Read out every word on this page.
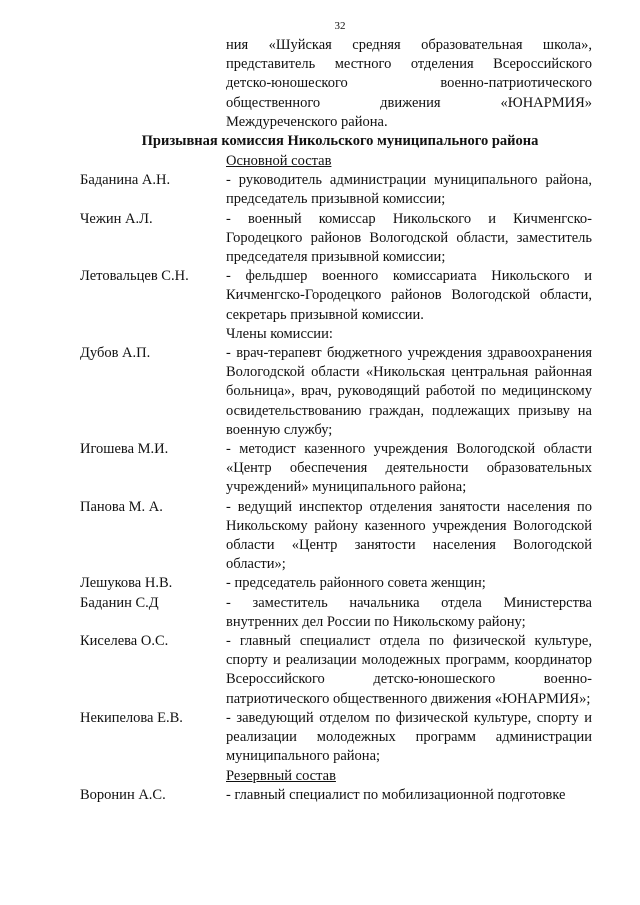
32
ния «Шуйская средняя образовательная школа», представитель местного отделения Всероссийского детско-юношеского военно-патриотического общественного движения «ЮНАРМИЯ» Междуреченского района.
Призывная комиссия Никольского муниципального района
Основной состав
Баданина А.Н.	- руководитель администрации муниципального района, председатель призывной комиссии;
Чежин А.Л.	- военный комиссар Никольского и Кичменгско-Городецкого районов Вологодской области, заместитель председателя призывной комиссии;
Летовальцев С.Н.	- фельдшер военного комиссариата Никольского и Кичменгско-Городецкого районов Вологодской области, секретарь призывной комиссии.
Члены комиссии:
Дубов А.П.	- врач-терапевт бюджетного учреждения здравоохранения Вологодской области «Никольская центральная районная больница», врач, руководящий работой по медицинскому освидетельствованию граждан, подлежащих призыву на военную службу;
Игошева М.И.	- методист казенного учреждения Вологодской области «Центр обеспечения деятельности образовательных учреждений» муниципального района;
Панова М. А.	- ведущий инспектор отделения занятости населения по Никольскому району казенного учреждения Вологодской области «Центр занятости населения Вологодской области»;
Лешукова Н.В.	- председатель районного совета женщин;
Баданин С.Д	- заместитель начальника отдела Министерства внутренних дел России по Никольскому району;
Киселева О.С.	- главный специалист отдела по физической культуре, спорту и реализации молодежных программ, координатор Всероссийского детско-юношеского военно-патриотического общественного движения «ЮНАРМИЯ»;
Некипелова Е.В.	- заведующий отделом по физической культуре, спорту и реализации молодежных программ администрации муниципального района;
Резервный состав
Воронин А.С.	- главный специалист по мобилизационной подготовке
